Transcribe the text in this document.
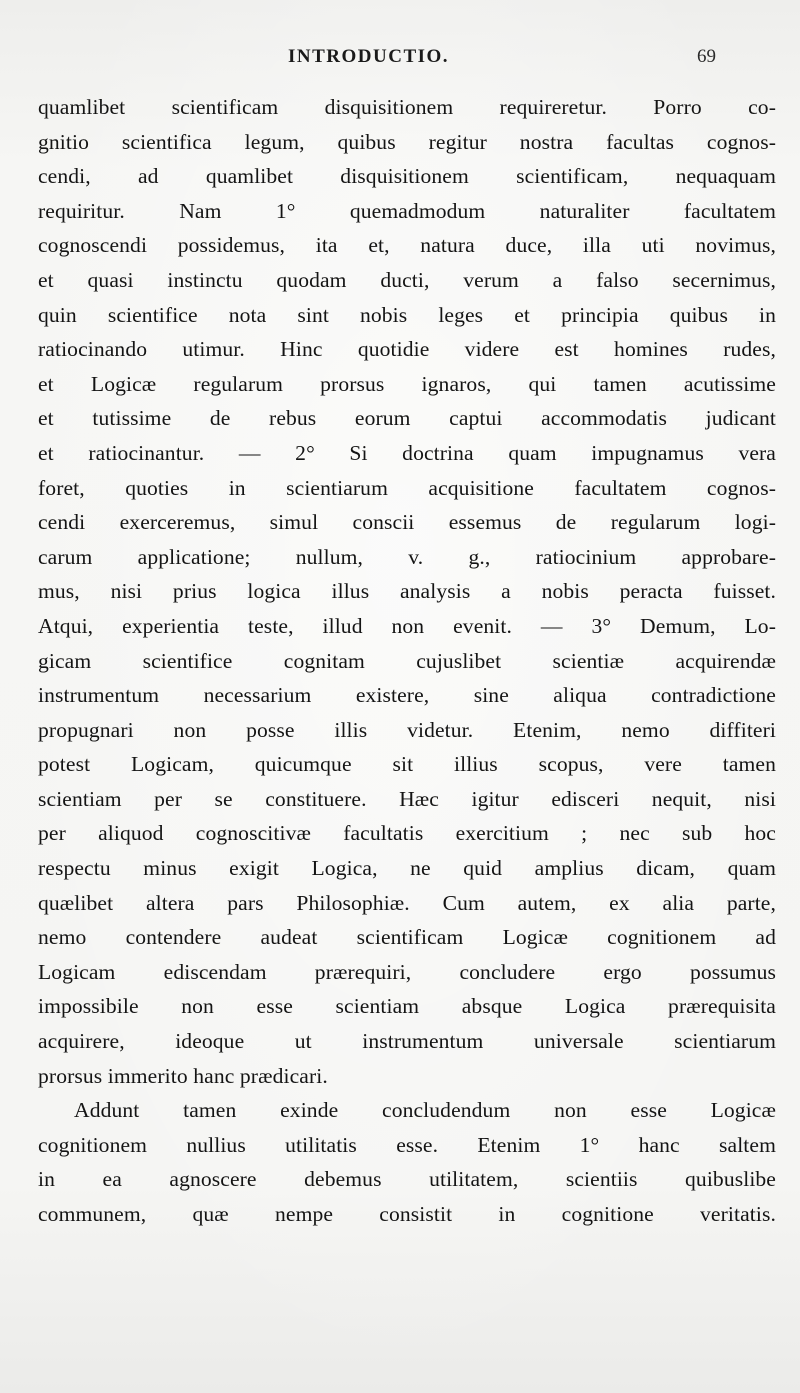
INTRODUCTIO.	69
quamlibet scientificam disquisitionem requireretur. Porro co-
gnitio scientifica legum, quibus regitur nostra facultas cognos-
cendi, ad quamlibet disquisitionem scientificam, nequaquam
requiritur. Nam 1° quemadmodum naturaliter facultatem
cognoscendi possidemus, ita et, natura duce, illa uti novimus,
et quasi instinctu quodam ducti, verum a falso secernimus,
quin scientifice nota sint nobis leges et principia quibus in
ratiocinando utimur. Hinc quotidie videre est homines rudes,
et Logicæ regularum prorsus ignaros, qui tamen acutissime
et tutissime de rebus eorum captui accommodatis judicant
et ratiocinantur. — 2° Si doctrina quam impugnamus vera
foret, quoties in scientiarum acquisitione facultatem cognos-
cendi exerceremus, simul conscii essemus de regularum logi-
carum applicatione; nullum, v. g., ratiocinium approbare-
mus, nisi prius logica illus analysis a nobis peracta fuisset.
Atqui, experientia teste, illud non evenit. — 3° Demum, Lo-
gicam scientifice cognitam cujuslibet scientiæ acquirendæ
instrumentum necessarium existere, sine aliqua contradictione
propugnari non posse illis videtur. Etenim, nemo diffiteri
potest Logicam, quicumque sit illius scopus, vere tamen
scientiam per se constituere. Hæc igitur edisceri nequit, nisi
per aliquod cognoscitivæ facultatis exercitium ; nec sub hoc
respectu minus exigit Logica, ne quid amplius dicam, quam
quælibet altera pars Philosophiæ. Cum autem, ex alia parte,
nemo contendere audeat scientificam Logicæ cognitionem ad
Logicam ediscendam prærequiri, concludere ergo possumus
impossibile non esse scientiam absque Logica prærequisita
acquirere, ideoque ut instrumentum universale scientiarum
prorsus immerito hanc prædicari.
Addunt tamen exinde concludendum non esse Logicæ
cognitionem nullius utilitatis esse. Etenim 1° hanc saltem
in ea agnoscere debemus utilitatem, scientiis quibuslibe
communem, quæ nempe consistit in cognitione veritatis.
